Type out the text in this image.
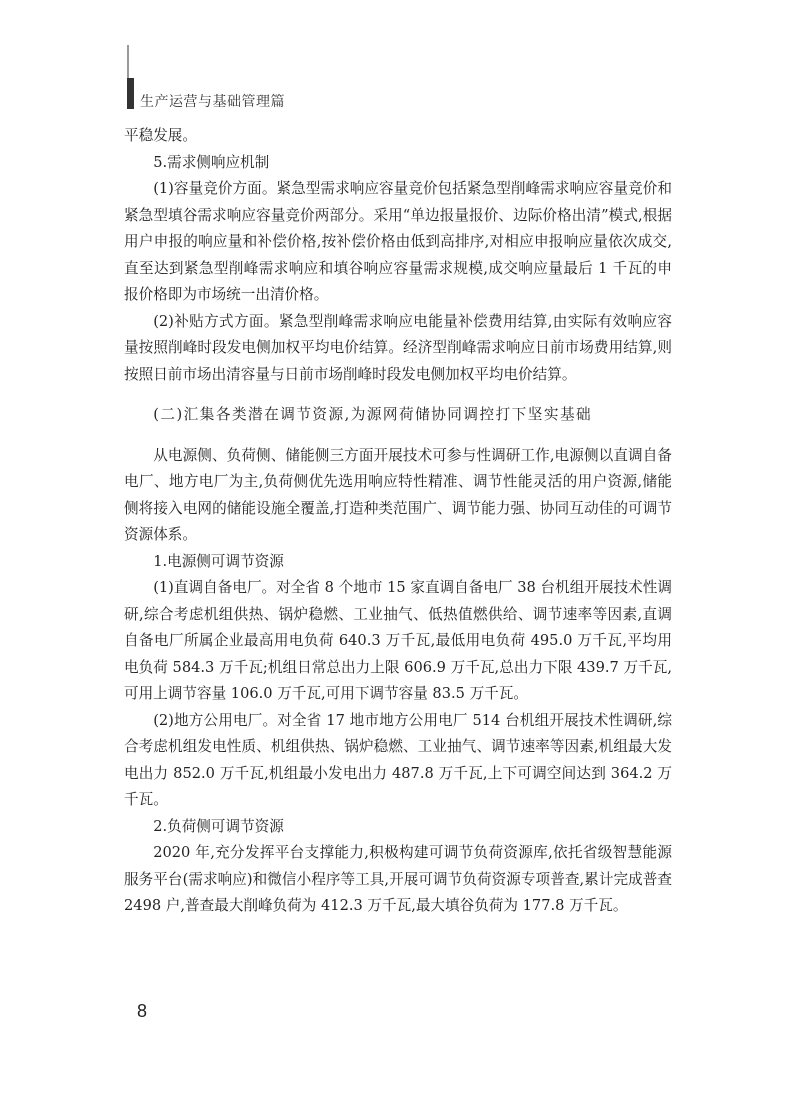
生产运营与基础管理篇

平稳发展。

5.需求侧响应机制

(1)容量竞价方面。紧急型需求响应容量竞价包括紧急型削峰需求响应容量竞价和紧急型填谷需求响应容量竞价两部分。采用“单边报量报价、边际价格出清”模式,根据用户申报的响应量和补偿价格,按补偿价格由低到高排序,对相应申报响应量依次成交,直至达到紧急型削峰需求响应和填谷响应容量需求规模,成交响应量最后 1 千瓦的申报价格即为市场统一出清价格。

(2)补贴方式方面。紧急型削峰需求响应电能量补偿费用结算,由实际有效响应容量按照削峰时段发电侧加权平均电价结算。经济型削峰需求响应日前市场费用结算,则按照日前市场出清容量与日前市场削峰时段发电侧加权平均电价结算。

(二)汇集各类潜在调节资源,为源网荷储协同调控打下坚实基础

从电源侧、负荷侧、储能侧三方面开展技术可参与性调研工作,电源侧以直调自备电厂、地方电厂为主,负荷侧优先选用响应特性精准、调节性能灵活的用户资源,储能侧将接入电网的储能设施全覆盖,打造种类范围广、调节能力强、协同互动佳的可调节资源体系。

1.电源侧可调节资源

(1)直调自备电厂。对全省 8 个地市 15 家直调自备电厂 38 台机组开展技术性调研,综合考虑机组供热、锅炉稳燃、工业抽气、低热值燃供给、调节速率等因素,直调自备电厂所属企业最高用电负荷 640.3 万千瓦,最低用电负荷 495.0 万千瓦,平均用电负荷 584.3 万千瓦;机组日常总出力上限 606.9 万千瓦,总出力下限 439.7 万千瓦,可用上调节容量 106.0 万千瓦,可用下调节容量 83.5 万千瓦。

(2)地方公用电厂。对全省 17 地市地方公用电厂 514 台机组开展技术性调研,综合考虑机组发电性质、机组供热、锅炉稳燃、工业抽气、调节速率等因素,机组最大发电出力 852.0 万千瓦,机组最小发电出力 487.8 万千瓦,上下可调空间达到 364.2 万千瓦。

2.负荷侧可调节资源

2020 年,充分发挥平台支撑能力,积极构建可调节负荷资源库,依托省级智慧能源服务平台(需求响应)和微信小程序等工具,开展可调节负荷资源专项普查,累计完成普查 2498 户,普查最大削峰负荷为 412.3 万千瓦,最大填谷负荷为 177.8 万千瓦。

8
